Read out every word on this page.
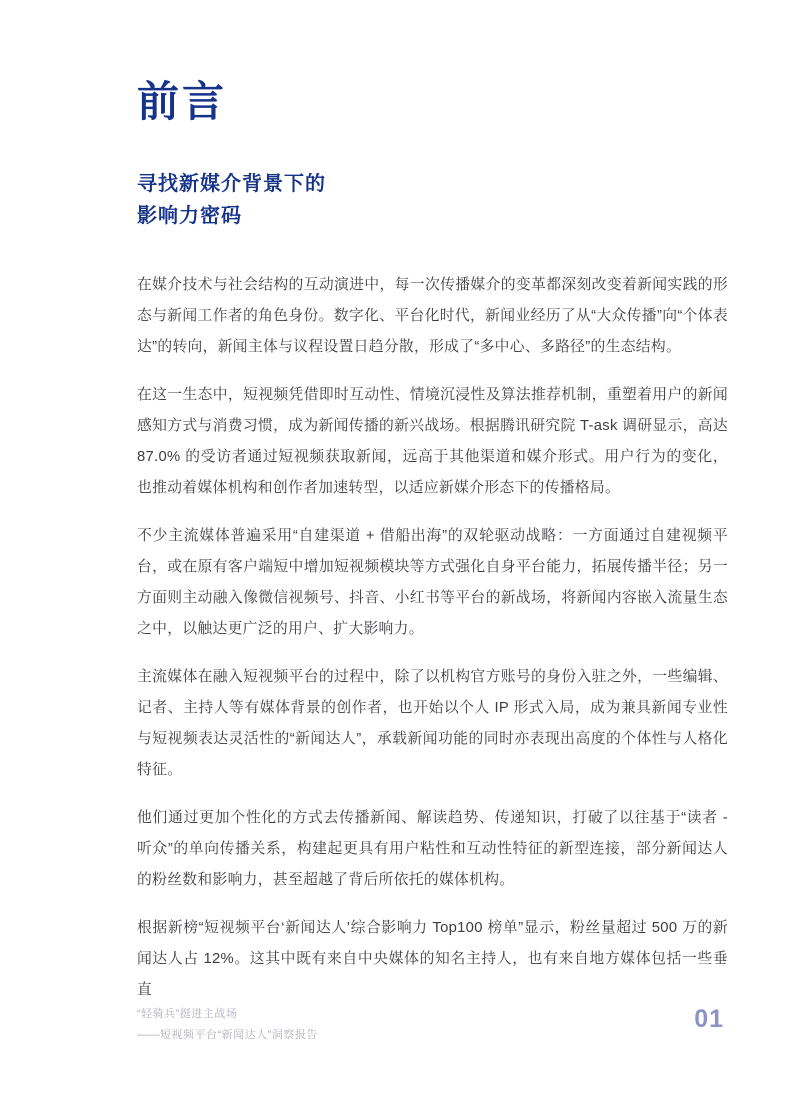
前言
寻找新媒介背景下的
影响力密码

在媒介技术与社会结构的互动演进中，每一次传播媒介的变革都深刻改变着新闻实践的形态与新闻工作者的角色身份。数字化、平台化时代，新闻业经历了从“大众传播”向“个体表达”的转向，新闻主体与议程设置日趋分散，形成了“多中心、多路径”的生态结构。

在这一生态中，短视频凭借即时互动性、情境沉浸性及算法推荐机制，重塑着用户的新闻感知方式与消费习惯，成为新闻传播的新兴战场。根据腾讯研究院 T-ask 调研显示，高达 87.0% 的受访者通过短视频获取新闻，远高于其他渠道和媒介形式。用户行为的变化，也推动着媒体机构和创作者加速转型，以适应新媒介形态下的传播格局。

不少主流媒体普遍采用“自建渠道 + 借船出海”的双轮驱动战略：一方面通过自建视频平台，或在原有客户端短中增加短视频模块等方式强化自身平台能力，拓展传播半径；另一方面则主动融入像微信视频号、抖音、小红书等平台的新战场，将新闻内容嵌入流量生态之中，以触达更广泛的用户、扩大影响力。

主流媒体在融入短视频平台的过程中，除了以机构官方账号的身份入驻之外，一些编辑、记者、主持人等有媒体背景的创作者，也开始以个人 IP 形式入局，成为兼具新闻专业性与短视频表达灵活性的“新闻达人”，承载新闻功能的同时亦表现出高度的个体性与人格化特征。

他们通过更加个性化的方式去传播新闻、解读趋势、传递知识，打破了以往基于“读者 - 听众”的单向传播关系，构建起更具有用户粘性和互动性特征的新型连接，部分新闻达人的粉丝数和影响力，甚至超越了背后所依托的媒体机构。

根据新榜“短视频平台‘新闻达人’综合影响力 Top100 榜单”显示，粉丝量超过 500 万的新闻达人占 12%。这其中既有来自中央媒体的知名主持人，也有来自地方媒体包括一些垂直

“轻骑兵”挺进主战场

——短视频平台“新闻达人”洞察报告

01
